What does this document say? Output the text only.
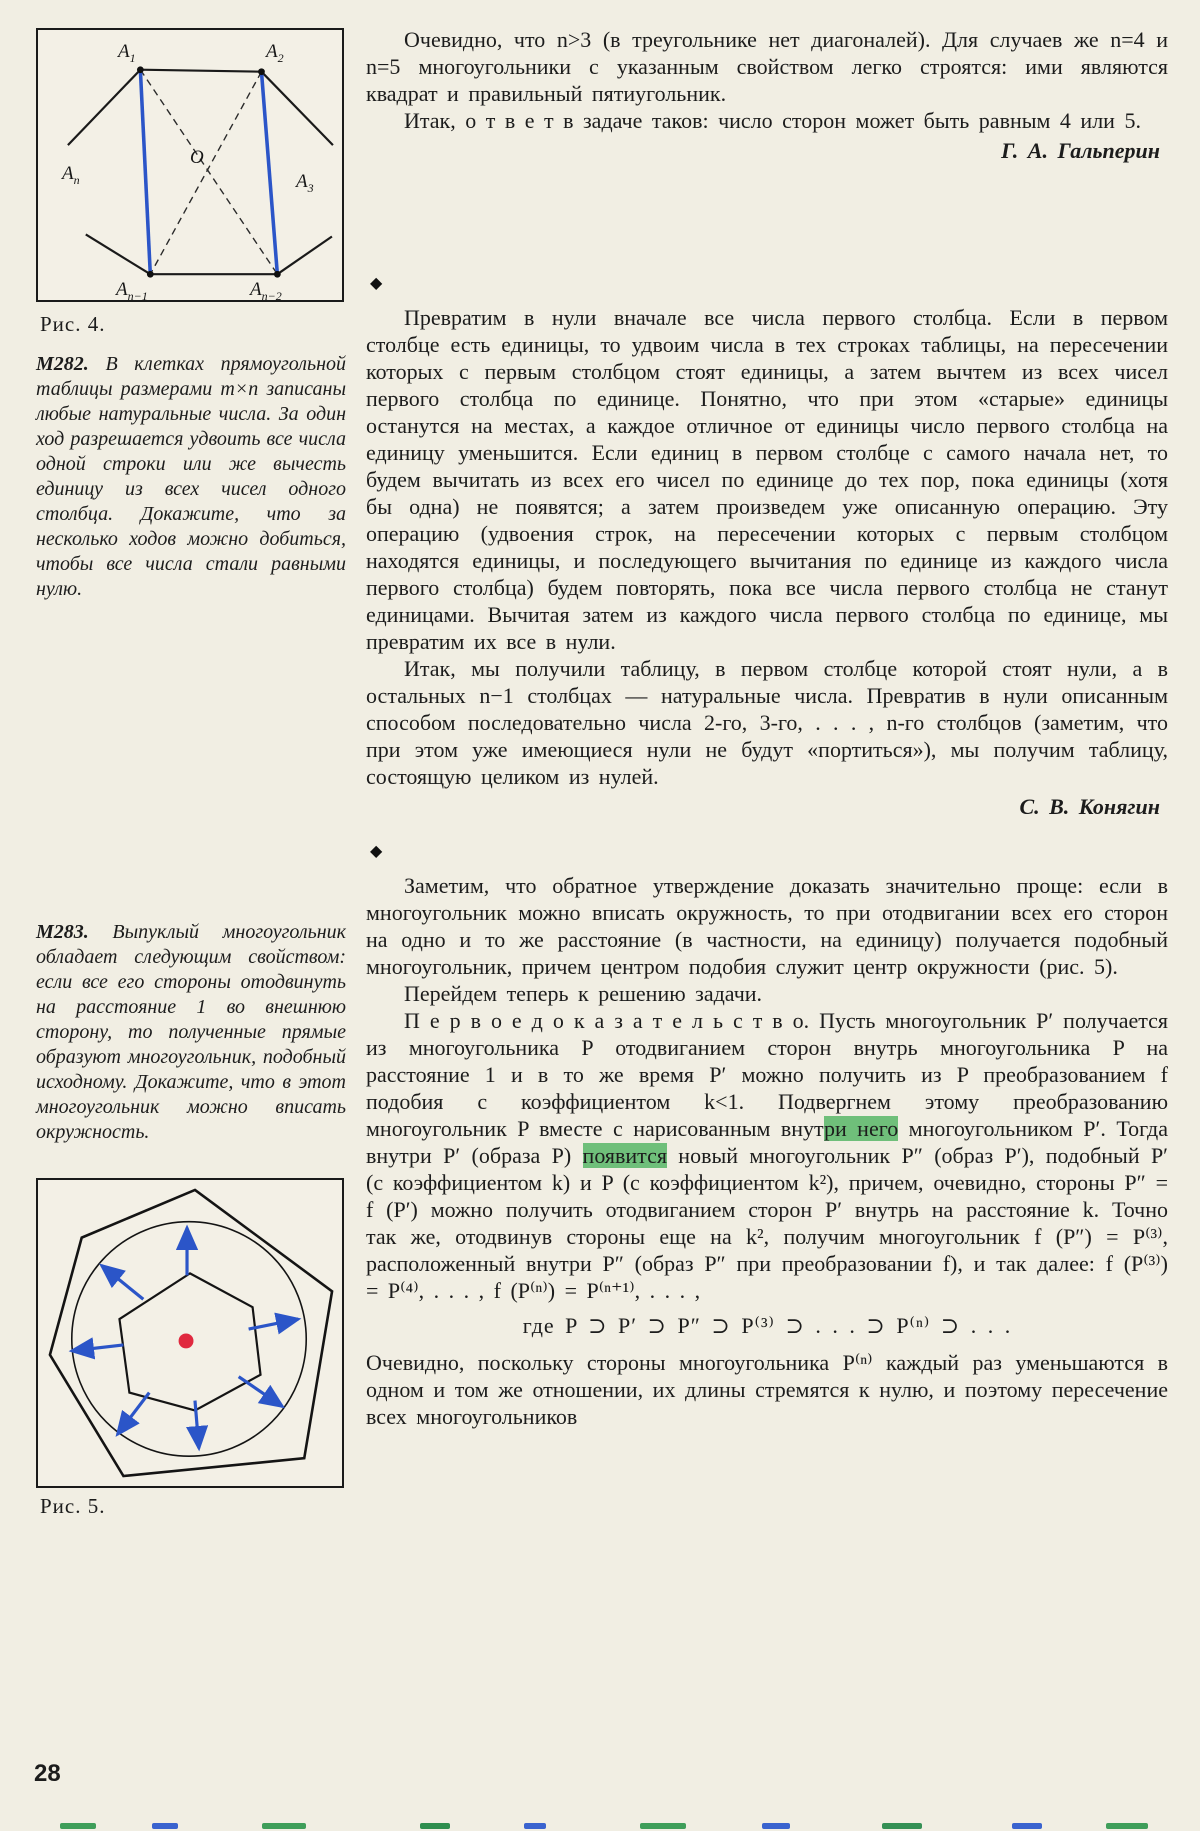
$A_1$	$A_2$
$A_n$	$A_3$
O
$A_{n-1}$	$A_{n-2}$
Рис. 4.
М282. В клетках прямоугольной таблицы размерами m×n записаны любые натуральные числа. За один ход разрешается удвоить все числа одной строки или же вычесть единицу из всех чисел одного столбца. Докажите, что за несколько ходов можно добиться, чтобы все числа стали равными нулю.
М283. Выпуклый многоугольник обладает следующим свойством: если все его стороны отодвинуть на расстояние 1 во внешнюю сторону, то полученные прямые образуют многоугольник, подобный исходному. Докажите, что в этот многоугольник можно вписать окружность.
Рис. 5.
28

Очевидно, что n>3 (в треугольнике нет диагоналей). Для случаев же n=4 и n=5 многоугольники с указанным свойством легко строятся: ими являются квадрат и правильный пятиугольник.

Итак, о т в е т в задаче таков: число сторон может быть равным 4 или 5.

Г. А. Гальперин

◆

Превратим в нули вначале все числа первого столбца. Если в первом столбце есть единицы, то удвоим числа в тех строках таблицы, на пересечении которых с первым столбцом стоят единицы, а затем вычтем из всех чисел первого столбца по единице. Понятно, что при этом «старые» единицы останутся на местах, а каждое отличное от единицы число первого столбца на единицу уменьшится. Если единиц в первом столбце с самого начала нет, то будем вычитать из всех его чисел по единице до тех пор, пока единицы (хотя бы одна) не появятся; а затем произведем уже описанную операцию. Эту операцию (удвоения строк, на пересечении которых с первым столбцом находятся единицы, и последующего вычитания по единице из каждого числа первого столбца) будем повторять, пока все числа первого столбца не станут единицами. Вычитая затем из каждого числа первого столбца по единице, мы превратим их все в нули.

Итак, мы получили таблицу, в первом столбце которой стоят нули, а в остальных n−1 столбцах — натуральные числа. Превратив в нули описанным способом последовательно числа 2-го, 3-го, . . . , n-го столбцов (заметим, что при этом уже имеющиеся нули не будут «портиться»), мы получим таблицу, состоящую целиком из нулей.

С. В. Конягин

◆

Заметим, что обратное утверждение доказать значительно проще: если в многоугольник можно вписать окружность, то при отодвигании всех его сторон на одно и то же расстояние (в частности, на единицу) получается подобный многоугольник, причем центром подобия служит центр окружности (рис. 5).

Перейдем теперь к решению задачи.

П е р в о е д о к а з а т е л ь с т в о. Пусть многоугольник P′ получается из многоугольника P отодвиганием сторон внутрь многоугольника P на расстояние 1 и в то же время P′ можно получить из P преобразованием f подобия с коэффициентом k<1. Подвергнем этому преобразованию многоугольник P вместе с нарисованным внутри него многоугольником P′. Тогда внутри P′ (образа P) появится новый многоугольник P″ (образ P′), подобный P′ (с коэффициентом k) и P (с коэффициентом k²), причем, очевидно, стороны P″ = f (P′) можно получить отодвиганием сторон P′ внутрь на расстояние k. Точно так же, отодвинув стороны еще на k², получим многоугольник f (P″) = P⁽³⁾, расположенный внутри P″ (образ P″ при преобразовании f), и так далее: f (P⁽³⁾) = P⁽⁴⁾, . . . , f (P⁽ⁿ⁾) = P⁽ⁿ⁺¹⁾, . . . ,

где P ⊃ P′ ⊃ P″ ⊃ P⁽³⁾ ⊃ . . . ⊃ P⁽ⁿ⁾ ⊃ . . .

Очевидно, поскольку стороны многоугольника P⁽ⁿ⁾ каждый раз уменьшаются в одном и том же отношении, их длины стремятся к нулю, и поэтому пересечение всех многоугольников
